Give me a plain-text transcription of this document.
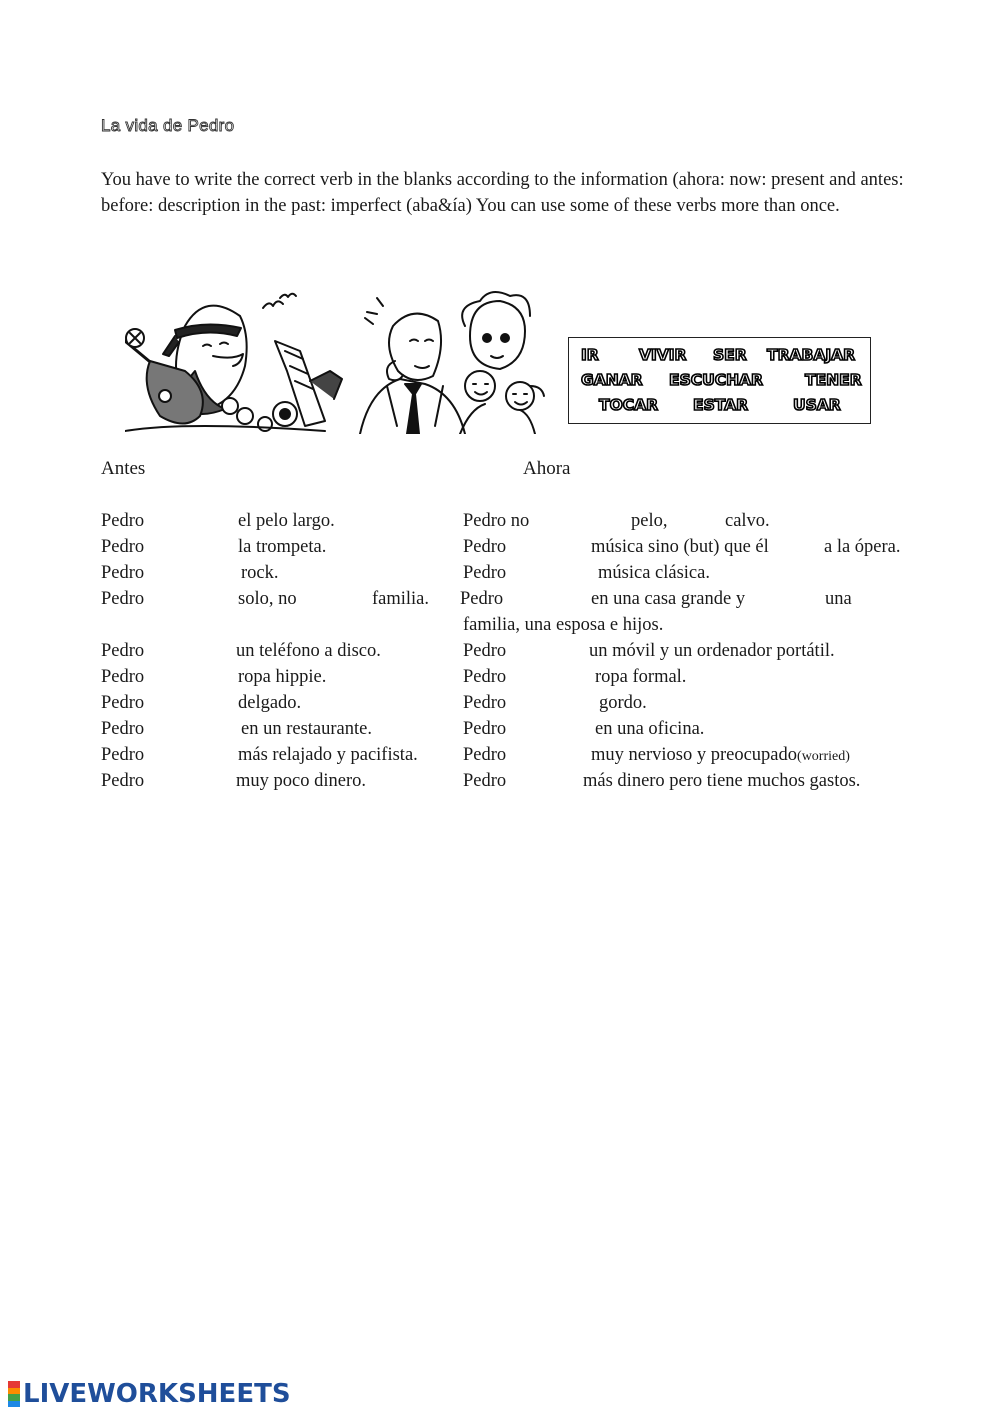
La vida de Pedro
You have to write the correct verb in the blanks according to the information (ahora: now: present and antes: before: description in the past: imperfect (aba&ía) You can use some of these verbs more than once.
IR	VIVIR SER TRABAJAR
GANAR ESCUCHAR	TENER
TOCAR ESTAR	USAR
Antes	Ahora
Pedro	el pelo largo.	Pedro no	pelo,	calvo.
Pedro	la trompeta.	Pedro	música sino (but) que él	a la ópera.
Pedro	rock.	Pedro	música clásica.
Pedro	solo, no	familia. Pedro	en una casa grande y	una
familia, una esposa e hijos.
Pedro	un teléfono a disco.	Pedro	un móvil y un ordenador portátil.
Pedro	ropa hippie.	Pedro	ropa formal.
Pedro	delgado.	Pedro	gordo.
Pedro	en un restaurante.	Pedro	en una oficina.
Pedro	más relajado y pacifista. Pedro	muy nervioso y preocupado(worried)
Pedro	muy poco dinero.	Pedro	más dinero pero tiene muchos gastos.
LIVEWORKSHEETS
